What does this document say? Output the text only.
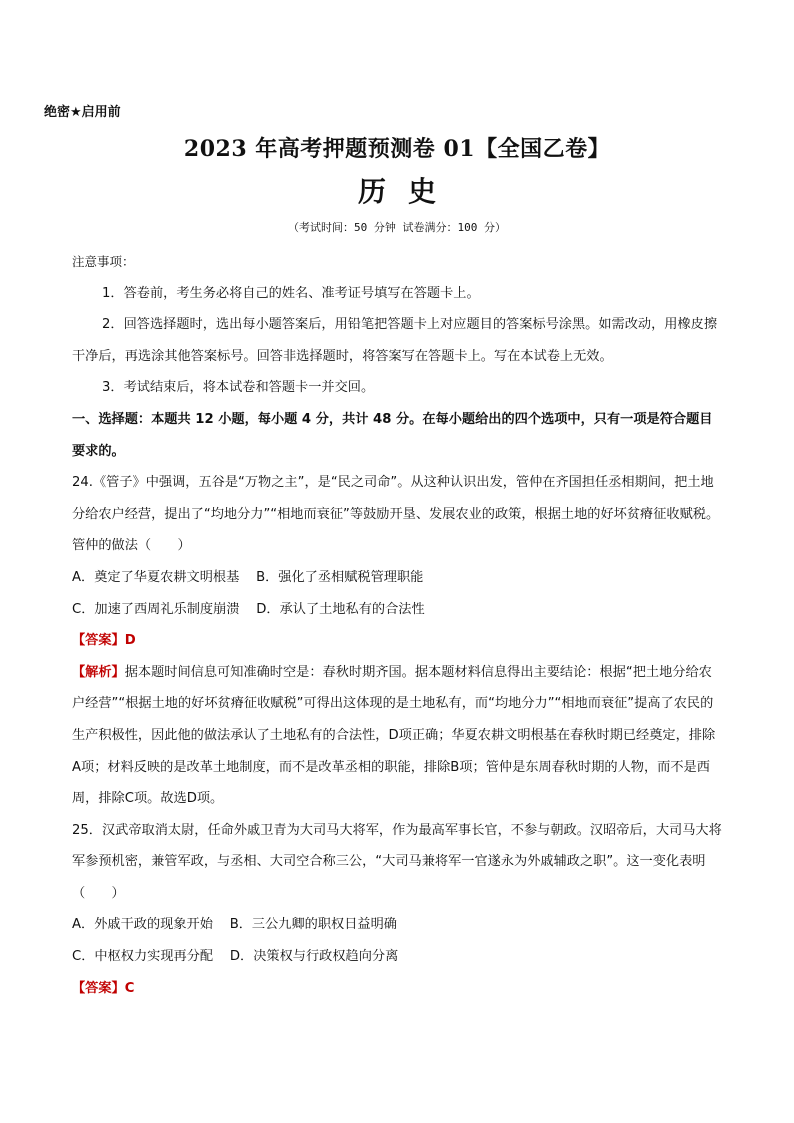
绝密★启用前
2023 年高考押题预测卷 01【全国乙卷】
历史
（考试时间：50 分钟 试卷满分：100 分）

注意事项：

1．答卷前，考生务必将自己的姓名、准考证号填写在答题卡上。

2．回答选择题时，选出每小题答案后，用铅笔把答题卡上对应题目的答案标号涂黑。如需改动，用橡皮擦干净后，再选涂其他答案标号。回答非选择题时，将答案写在答题卡上。写在本试卷上无效。

3．考试结束后，将本试卷和答题卡一并交回。

一、选择题：本题共 12 小题，每小题 4 分，共计 48 分。在每小题给出的四个选项中，只有一项是符合题目要求的。

24.《管子》中强调，五谷是“万物之主”，是“民之司命”。从这种认识出发，管仲在齐国担任丞相期间，把土地分给农户经营，提出了“均地分力”“相地而衰征”等鼓励开垦、发展农业的政策，根据土地的好坏贫瘠征收赋税。管仲的做法（　　）

A．奠定了华夏农耕文明根基 B．强化了丞相赋税管理职能

C．加速了西周礼乐制度崩溃 D．承认了土地私有的合法性

【答案】D

【解析】据本题时间信息可知准确时空是：春秋时期齐国。据本题材料信息得出主要结论：根据“把土地分给农户经营”“根据土地的好坏贫瘠征收赋税”可得出这体现的是土地私有，而“均地分力”“相地而衰征”提高了农民的生产积极性，因此他的做法承认了土地私有的合法性，D项正确；华夏农耕文明根基在春秋时期已经奠定，排除A项；材料反映的是改革土地制度，而不是改革丞相的职能，排除B项；管仲是东周春秋时期的人物，而不是西周，排除C项。故选D项。

25．汉武帝取消太尉，任命外戚卫青为大司马大将军，作为最高军事长官，不参与朝政。汉昭帝后，大司马大将军参预机密，兼管军政，与丞相、大司空合称三公，“大司马兼将军一官遂永为外戚辅政之职”。这一变化表明（　　）

A．外戚干政的现象开始 B．三公九卿的职权日益明确

C．中枢权力实现再分配 D．决策权与行政权趋向分离

【答案】C
